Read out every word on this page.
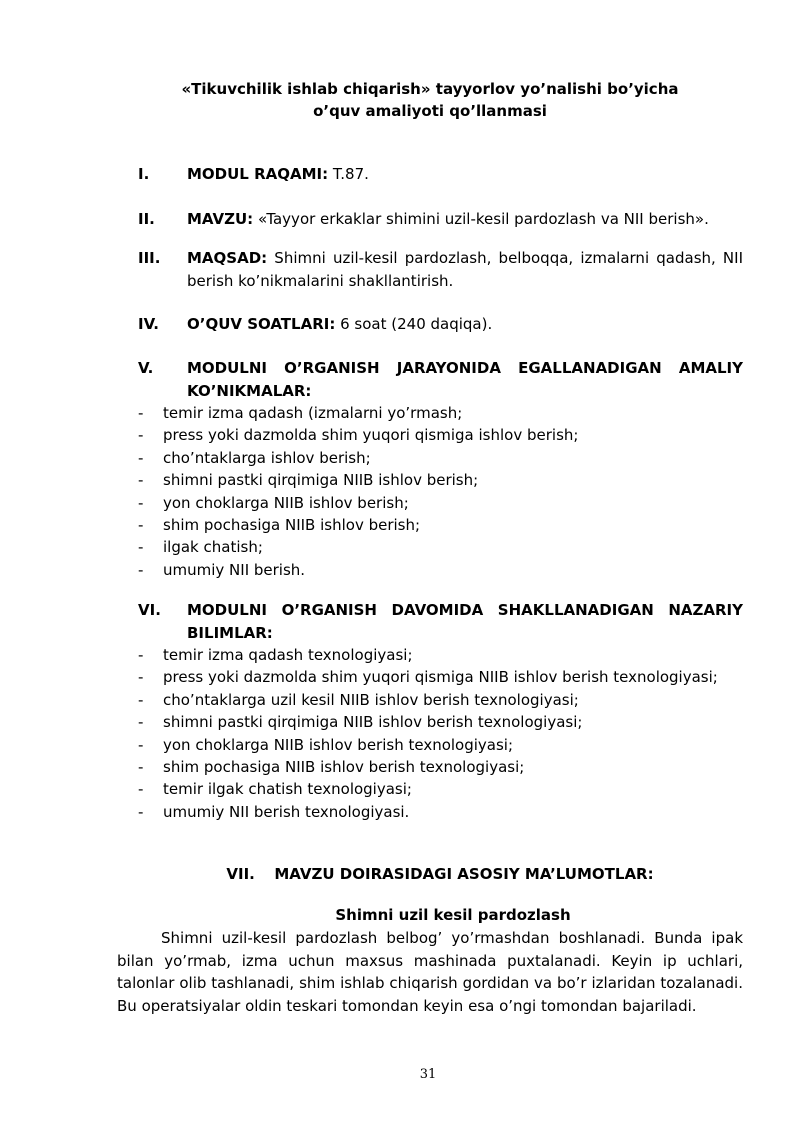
«Tikuvchilik ishlab chiqarish» tayyorlov yo’nalishi bo’yicha
o’quv amaliyoti qo’llanmasi
I.	MODUL RAQAMI: T.87.
II.	MAVZU: «Tayyor erkaklar shimini uzil-kesil pardozlash va NII berish».
III.	MAQSAD: Shimni uzil-kesil pardozlash, belboqqa, izmalarni qadash, NII berish ko’nikmalarini shakllantirish.
IV.	O’QUV SOATLARI: 6 soat (240 daqiqa).
V.	MODULNI O’RGANISH JARAYONIDA EGALLANADIGAN AMALIY KO’NIKMALAR:
- temir izma qadash (izmalarni yo’rmash;
- press yoki dazmolda shim yuqori qismiga ishlov berish;
- cho’ntaklarga ishlov berish;
- shimni pastki qirqimiga NIIB ishlov berish;
- yon choklarga NIIB ishlov berish;
- shim pochasiga NIIB ishlov berish;
- ilgak chatish;
- umumiy NII berish.
VI.	MODULNI O’RGANISH DAVOMIDA SHAKLLANADIGAN NAZARIY BILIMLAR:
- temir izma qadash texnologiyasi;
- press yoki dazmolda shim yuqori qismiga NIIB ishlov berish texnologiyasi;
- cho’ntaklarga uzil kesil NIIB ishlov berish texnologiyasi;
- shimni pastki qirqimiga NIIB ishlov berish texnologiyasi;
- yon choklarga NIIB ishlov berish texnologiyasi;
- shim pochasiga NIIB ishlov berish texnologiyasi;
- temir ilgak chatish texnologiyasi;
- umumiy NII berish texnologiyasi.
VII. MAVZU DOIRASIDAGI ASOSIY MA’LUMOTLAR:
Shimni uzil kesil pardozlash

Shimni uzil-kesil pardozlash belbog’ yo’rmashdan boshlanadi. Bunda ipak bilan yo’rmab, izma uchun maxsus mashinada puxtalanadi. Keyin ip uchlari, talonlar olib tashlanadi, shim ishlab chiqarish gordidan va bo’r izlaridan tozalanadi. Bu operatsiyalar oldin teskari tomondan keyin esa o’ngi tomondan bajariladi.

31
